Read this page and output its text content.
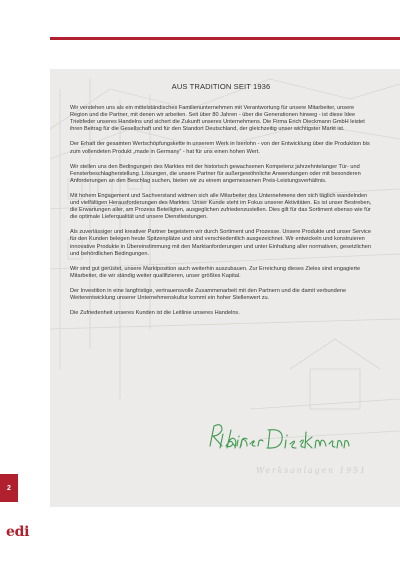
AUS TRADITION SEIT 1936

Wir verstehen uns als ein mittelständisches Familienunternehmen mit Verantwortung für unsere Mitarbeiter, unsere Region und die Partner, mit denen wir arbeiten. Seit über 80 Jahren - über die Generationen hinweg - ist diese Idee Triebfeder unseres Handelns und sichert die Zukunft unseres Unternehmens. Die Firma Erich Dieckmann GmbH leistet ihren Beitrag für die Gesellschaft und für den Standort Deutschland, der gleichzeitig unser wichtigster Markt ist.

Der Erhalt der gesamten Wertschöpfungskette in unserem Werk in Iserlohn - von der Entwicklung über die Produktion bis zum vollendeten Produkt „made in Germany“ - hat für uns einen hohen Wert.

Wir stellen uns den Bedingungen des Marktes mit der historisch gewachsenen Kompetenz jahrzehntelanger Tür- und Fensterbeschlagherstellung. Lösungen, die unsere Partner für außergewöhnliche Anwendungen oder mit besonderen Anforderungen an den Beschlag suchen, bieten wir zu einem angemessenen Preis-Leistungsverhältnis.

Mit hohem Engagement und Sachverstand widmen sich alle Mitarbeiter des Unternehmens den sich täglich wandelnden und vielfältigen Herausforderungen des Marktes. Unser Kunde steht im Fokus unserer Aktivitäten. Es ist unser Bestreben, die Erwartungen aller, am Prozess Beteiligten, ausgeglichen zufriedenzustellen. Dies gilt für das Sortiment ebenso wie für die optimale Lieferqualität und unsere Dienstleistungen.

Als zuverlässiger und kreativer Partner begeistern wir durch Sortiment und Prozesse. Unsere Produkte und unser Service für den Kunden belegen heute Spitzenplätze und sind verschiedentlich ausgezeichnet. Wir entwickeln und konstruieren innovative Produkte in Übereinstimmung mit den Marktanforderungen und unter Einhaltung aller normativen, gesetzlichen und behördlichen Bedingungen.

Wir sind gut gerüstet, unsere Marktposition auch weiterhin auszubauen. Zur Erreichung dieses Zieles sind engagierte Mitarbeiter, die wir ständig weiter qualifizieren, unser größtes Kapital.

Der Investition in eine langfristige, vertrauensvolle Zusammenarbeit mit den Partnern und die damit verbundene Weiterentwicklung unserer Unternehmenskultur kommt ein hoher Stellenwert zu.

Die Zufriedenheit unseres Kunden ist die Leitlinie unseres Handelns.

Werksanlagen 1951
2
edi
